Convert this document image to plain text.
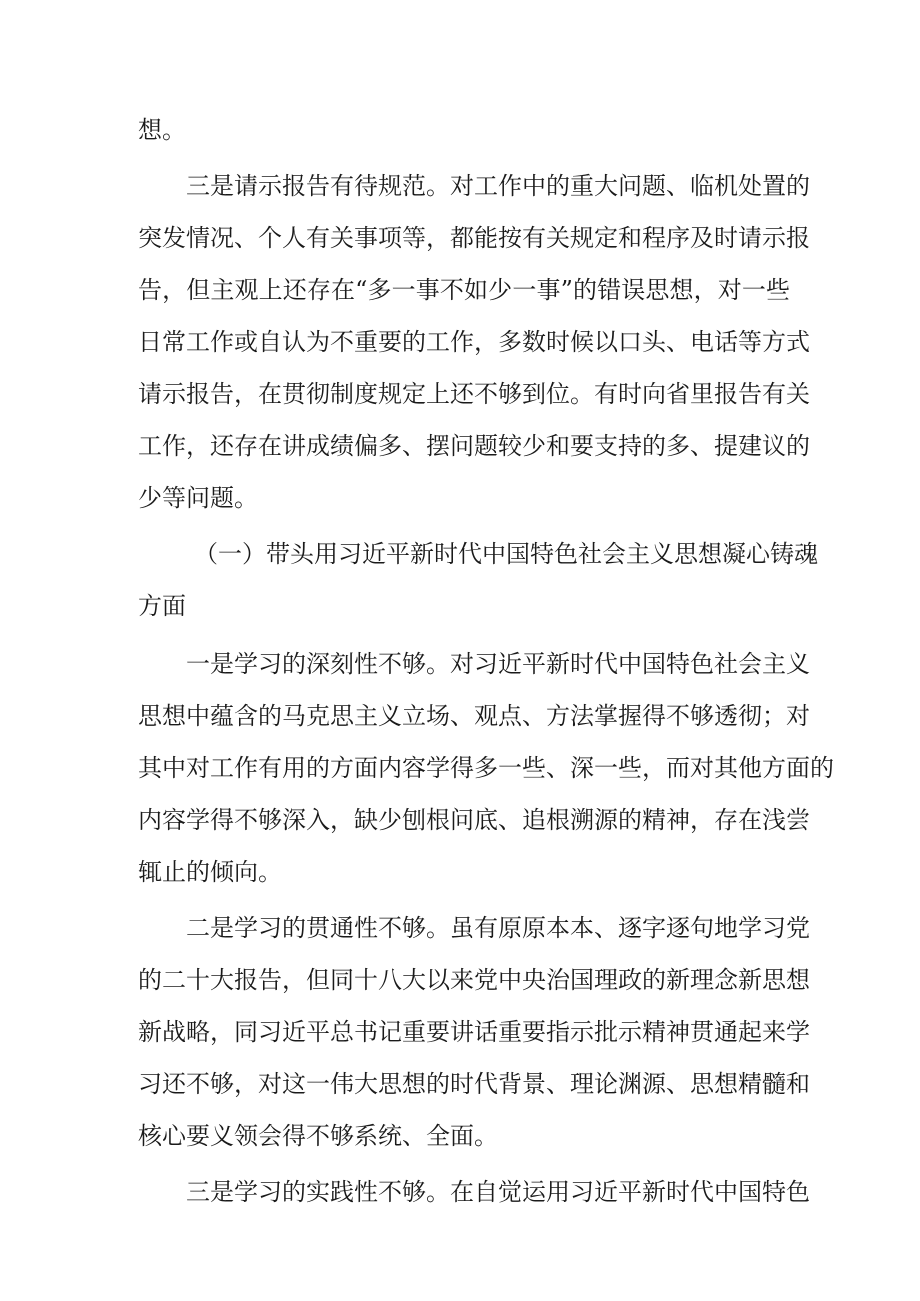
想。
三是请示报告有待规范。对工作中的重大问题、临机处置的
突发情况、个人有关事项等，都能按有关规定和程序及时请示报
告，但主观上还存在“多一事不如少一事”的错误思想，对一些
日常工作或自认为不重要的工作，多数时候以口头、电话等方式
请示报告，在贯彻制度规定上还不够到位。有时向省里报告有关
工作，还存在讲成绩偏多、摆问题较少和要支持的多、提建议的
少等问题。
（一）带头用习近平新时代中国特色社会主义思想凝心铸魂
方面
一是学习的深刻性不够。对习近平新时代中国特色社会主义
思想中蕴含的马克思主义立场、观点、方法掌握得不够透彻；对
其中对工作有用的方面内容学得多一些、深一些，而对其他方面的
内容学得不够深入，缺少刨根问底、追根溯源的精神，存在浅尝
辄止的倾向。
二是学习的贯通性不够。虽有原原本本、逐字逐句地学习党
的二十大报告，但同十八大以来党中央治国理政的新理念新思想
新战略，同习近平总书记重要讲话重要指示批示精神贯通起来学
习还不够，对这一伟大思想的时代背景、理论渊源、思想精髓和
核心要义领会得不够系统、全面。
三是学习的实践性不够。在自觉运用习近平新时代中国特色
